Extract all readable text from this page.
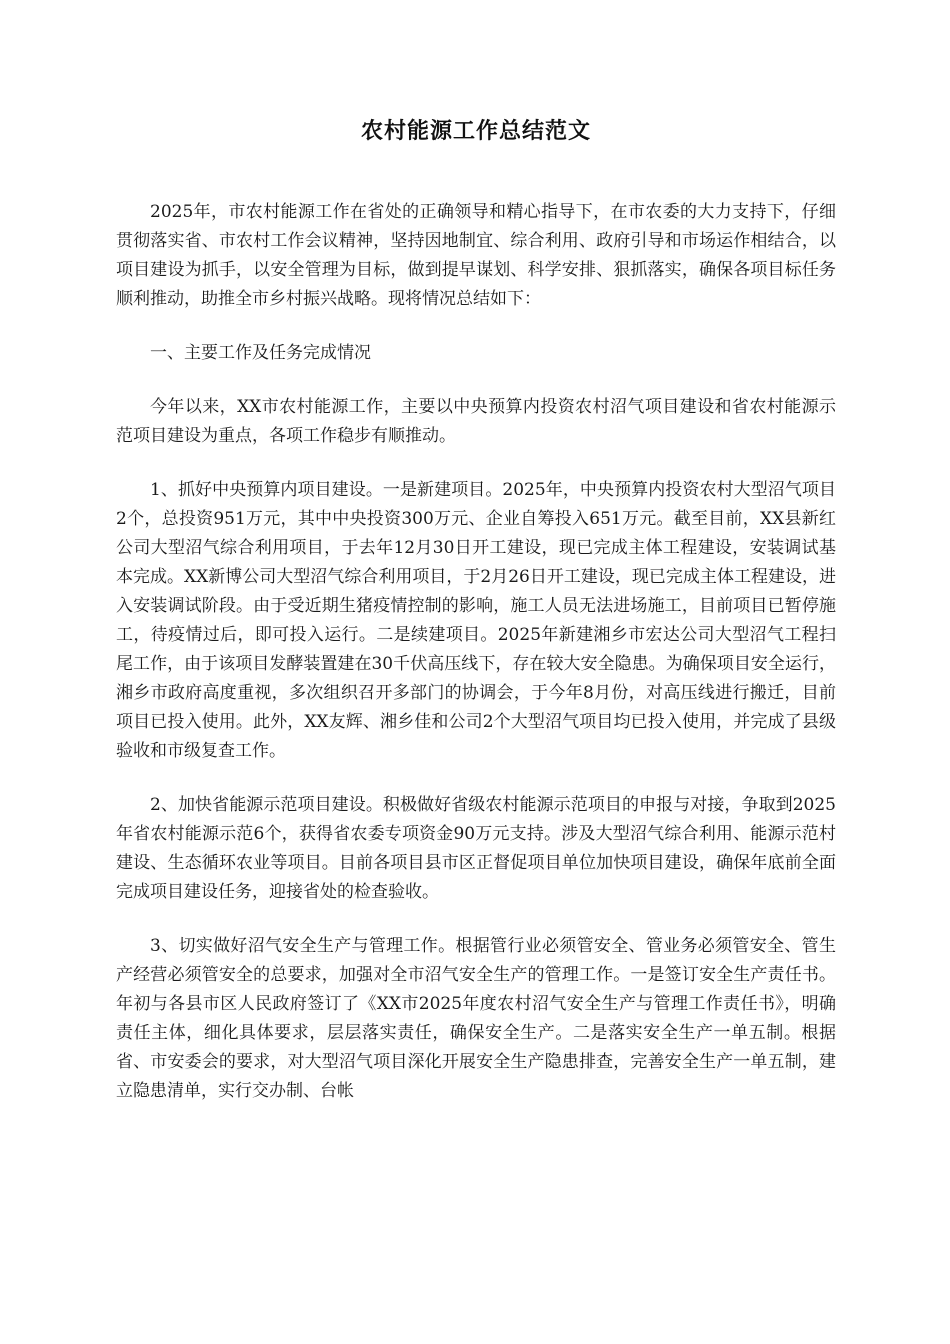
农村能源工作总结范文

2025年，市农村能源工作在省处的正确领导和精心指导下，在市农委的大力支持下，仔细贯彻落实省、市农村工作会议精神，坚持因地制宜、综合利用、政府引导和市场运作相结合，以项目建设为抓手，以安全管理为目标，做到提早谋划、科学安排、狠抓落实，确保各项目标任务顺利推动，助推全市乡村振兴战略。现将情况总结如下：

一、主要工作及任务完成情况

今年以来，XX市农村能源工作，主要以中央预算内投资农村沼气项目建设和省农村能源示范项目建设为重点，各项工作稳步有顺推动。

1、抓好中央预算内项目建设。一是新建项目。2025年，中央预算内投资农村大型沼气项目2个，总投资951万元，其中中央投资300万元、企业自筹投入651万元。截至目前，XX县新红公司大型沼气综合利用项目，于去年12月30日开工建设，现已完成主体工程建设，安装调试基本完成。XX新博公司大型沼气综合利用项目，于2月26日开工建设，现已完成主体工程建设，进入安装调试阶段。由于受近期生猪疫情控制的影响，施工人员无法进场施工，目前项目已暂停施工，待疫情过后，即可投入运行。二是续建项目。2025年新建湘乡市宏达公司大型沼气工程扫尾工作，由于该项目发酵装置建在30千伏高压线下，存在较大安全隐患。为确保项目安全运行，湘乡市政府高度重视，多次组织召开多部门的协调会，于今年8月份，对高压线进行搬迁，目前项目已投入使用。此外，XX友辉、湘乡佳和公司2个大型沼气项目均已投入使用，并完成了县级验收和市级复查工作。

2、加快省能源示范项目建设。积极做好省级农村能源示范项目的申报与对接，争取到2025年省农村能源示范6个，获得省农委专项资金90万元支持。涉及大型沼气综合利用、能源示范村建设、生态循环农业等项目。目前各项目县市区正督促项目单位加快项目建设，确保年底前全面完成项目建设任务，迎接省处的检查验收。

3、切实做好沼气安全生产与管理工作。根据管行业必须管安全、管业务必须管安全、管生产经营必须管安全的总要求，加强对全市沼气安全生产的管理工作。一是签订安全生产责任书。年初与各县市区人民政府签订了《XX市2025年度农村沼气安全生产与管理工作责任书》，明确责任主体，细化具体要求，层层落实责任，确保安全生产。二是落实安全生产一单五制。根据省、市安委会的要求，对大型沼气项目深化开展安全生产隐患排查，完善安全生产一单五制，建立隐患清单，实行交办制、台帐
